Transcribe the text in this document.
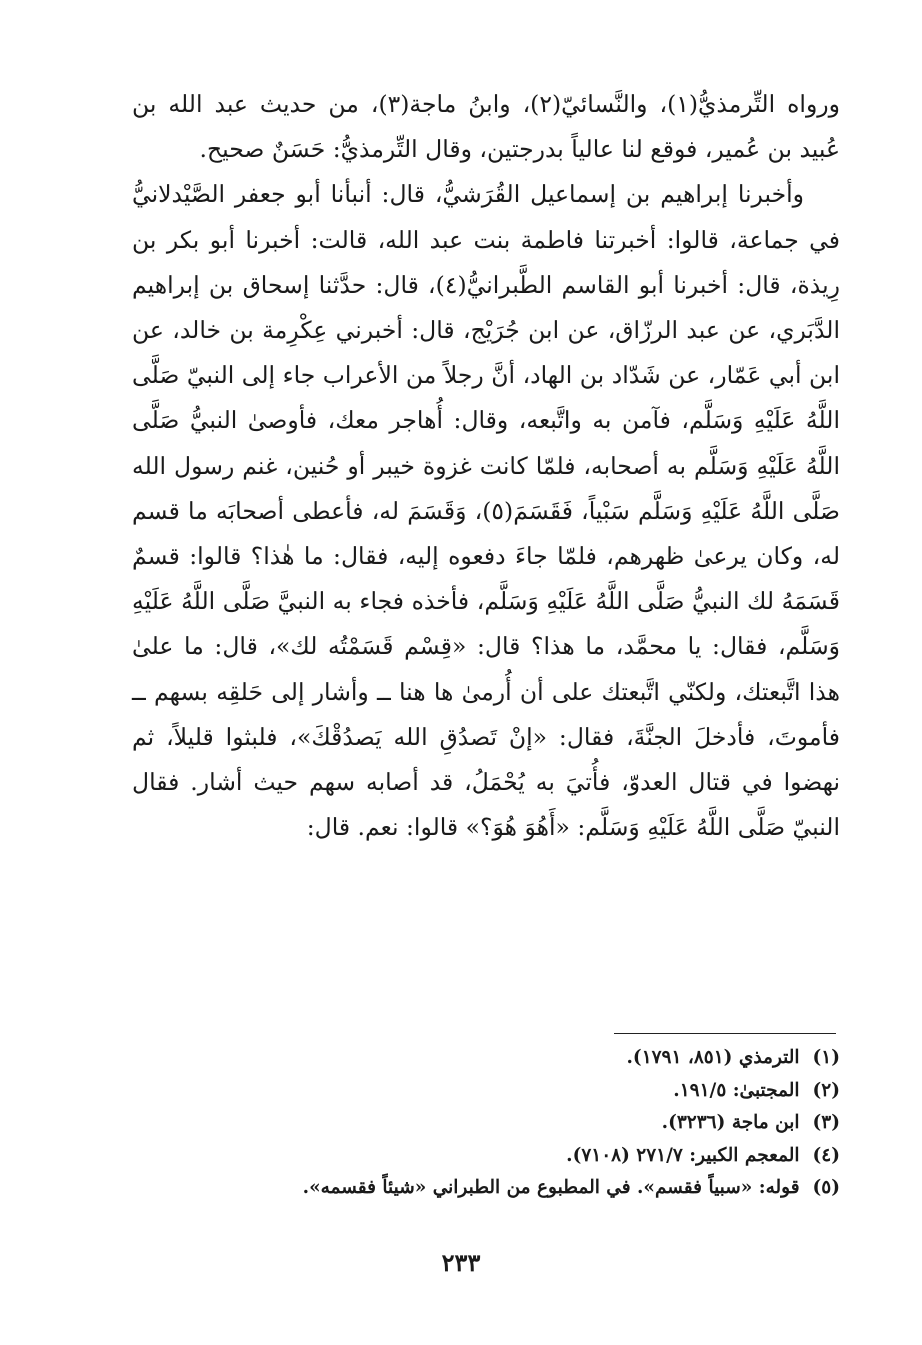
ورواه التِّرمذيُّ(١)، والنَّسائيّ(٢)، وابنُ ماجة(٣)، من حديث عبد الله بن عُبيد بن عُمير، فوقع لنا عالياً بدرجتين، وقال التِّرمذيُّ: حَسَنٌ صحيح.

وأخبرنا إبراهيم بن إسماعيل القُرَشيُّ، قال: أنبأنا أبو جعفر الصَّيْدلانيُّ في جماعة، قالوا: أخبرتنا فاطمة بنت عبد الله، قالت: أخبرنا أبو بكر بن رِيذة، قال: أخبرنا أبو القاسم الطَّبرانيُّ(٤)، قال: حدَّثنا إسحاق بن إبراهيم الدَّبَري، عن عبد الرزّاق، عن ابن جُرَيْج، قال: أخبرني عِكْرِمة بن خالد، عن ابن أبي عَمّار، عن شَدّاد بن الهاد، أنَّ رجلاً من الأعراب جاء إلى النبيّ صَلَّى اللَّهُ عَلَيْهِ وَسَلَّم، فآمن به واتَّبعه، وقال: أُهاجر معك، فأوصىٰ النبيُّ صَلَّى اللَّهُ عَلَيْهِ وَسَلَّم به أصحابه، فلمّا كانت غزوة خيبر أو حُنين، غنم رسول الله صَلَّى اللَّهُ عَلَيْهِ وَسَلَّم سَبْياً، فَقَسَمَ(٥)، وَقَسَمَ له، فأعطى أصحابَه ما قسم له، وكان يرعىٰ ظهرهم، فلمّا جاءَ دفعوه إليه، فقال: ما هٰذا؟ قالوا: قسمٌ قَسَمَهُ لك النبيُّ صَلَّى اللَّهُ عَلَيْهِ وَسَلَّم، فأخذه فجاء به النبيَّ صَلَّى اللَّهُ عَلَيْهِ وَسَلَّم، فقال: يا محمَّد، ما هذا؟ قال: «قِسْم قَسَمْتُه لك»، قال: ما علىٰ هذا اتَّبعتك، ولكنّي اتَّبعتك على أن أُرمىٰ ها هنا ــ وأشار إلى حَلقِه بسهم ــ فأموتَ، فأدخلَ الجنَّةَ، فقال: «إنْ تَصدُقِ الله يَصدُقْكَ»، فلبثوا قليلاً، ثم نهضوا في قتال العدوّ، فأُتيَ به يُحْمَلُ، قد أصابه سهم حيث أشار. فقال النبيّ صَلَّى اللَّهُ عَلَيْهِ وَسَلَّم: «أَهُوَ هُوَ؟» قالوا: نعم. قال:

(١) الترمذي (٨٥١، ١٧٩١).
(٢) المجتبىٰ: ١٩١/٥.
(٣) ابن ماجة (٣٢٣٦).
(٤) المعجم الكبير: ٢٧١/٧ (٧١٠٨).
(٥) قوله: «سبياً فقسم». في المطبوع من الطبراني «شيئاً فقسمه».
٢٣٣
